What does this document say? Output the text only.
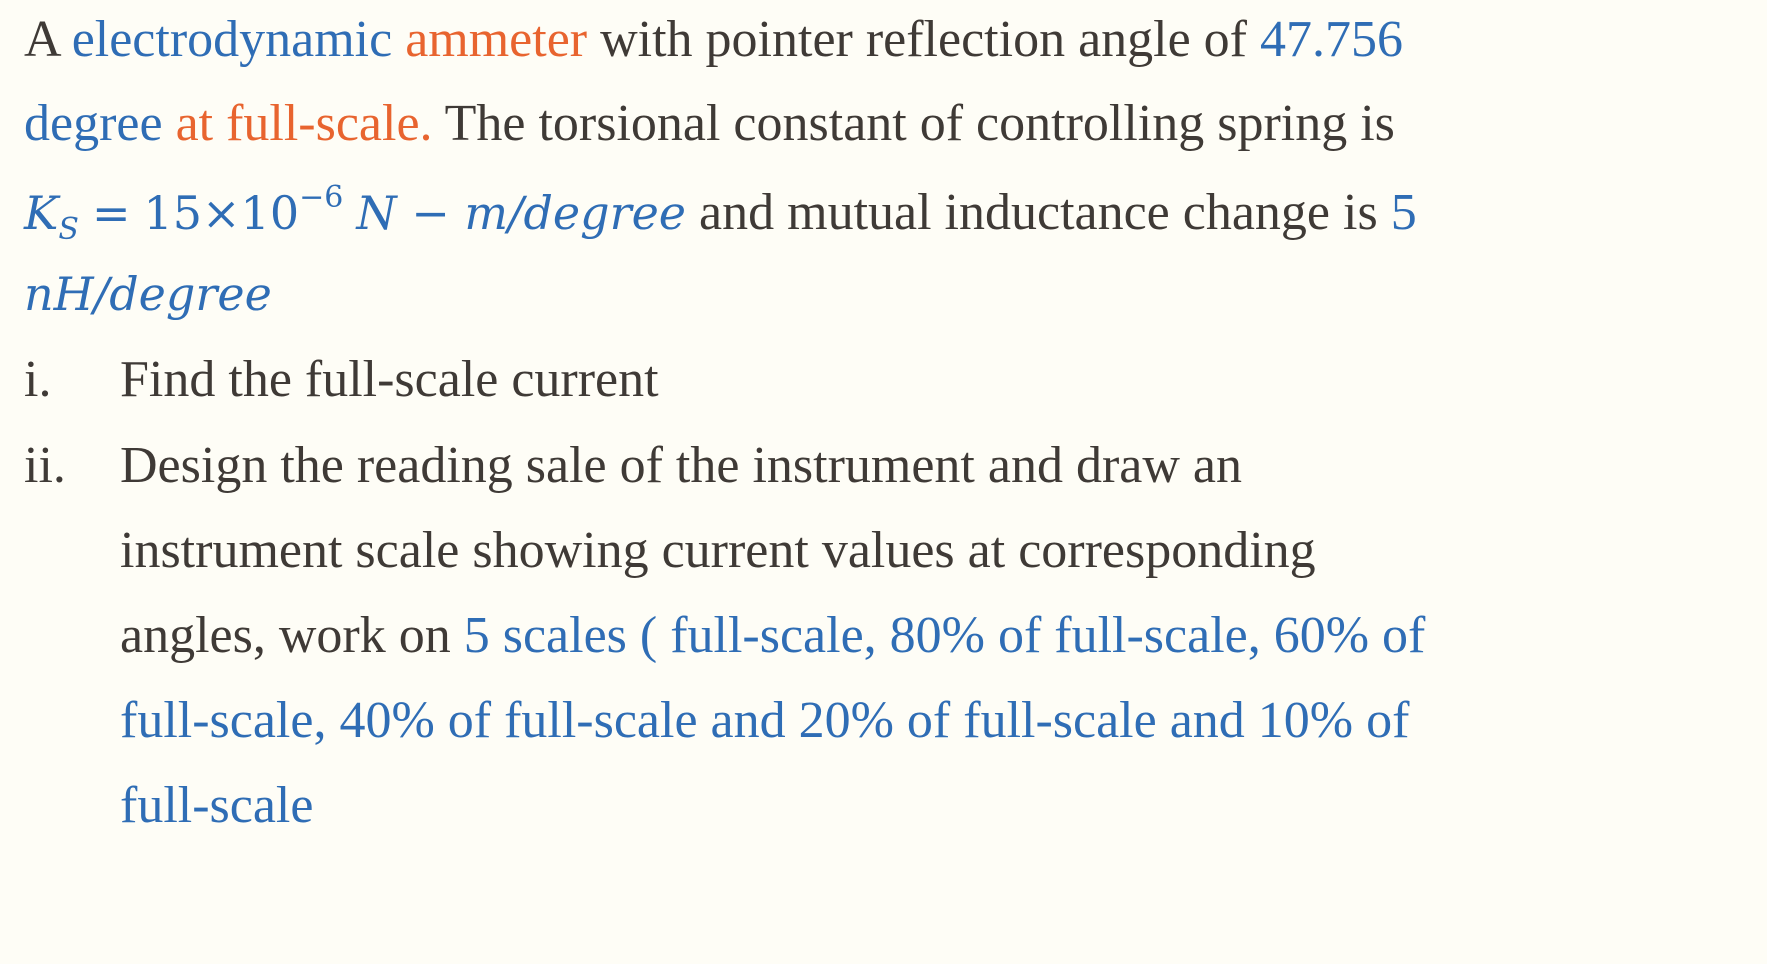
A electrodynamic ammeter with pointer reflection angle of 47.756
degree at full-scale. The torsional constant of controlling spring is
$K_S = 15\times 10^{-6}$ N − m/degree and mutual inductance change is 5
nH/degree
i. Find the full-scale current
ii. Design the reading sale of the instrument and draw an
instrument scale showing current values at corresponding
angles, work on 5 scales ( full-scale, 80% of full-scale, 60% of
full-scale, 40% of full-scale and 20% of full-scale and 10% of
full-scale
